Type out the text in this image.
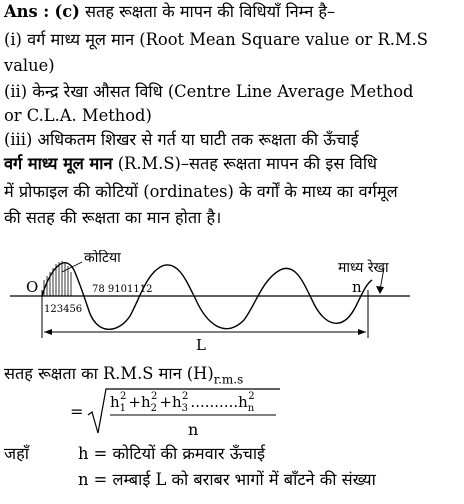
Ans : (c) सतह रूक्षता के मापन की विधियाँ निम्न है–
(i) वर्ग माध्य मूल मान (Root Mean Square value or R.M.S
value)
(ii) केन्द्र रेखा औसत विधि (Centre Line Average Method
or C.L.A. Method)
(iii) अधिकतम शिखर से गर्त या घाटी तक रूक्षता की ऊँचाई
वर्ग माध्य मूल मान (R.M.S)–सतह रूक्षता मापन की इस विधि
में प्रोफाइल की कोटियों (ordinates) के वर्गों के माध्य का वर्गमूल
की सतह की रूक्षता का मान होता है।
कोटिया
माध्य रेखा
O	n
123456
78 9101112
L
सतह रूक्षता का R.M.S मान $(H)_{r.m.s}$
= $h_12 +h_22 +h_32$ $..........h_n2$
n
जहाँ	h = कोटियों की क्रमवार ऊँचाई
n = लम्बाई L को बराबर भागों में बाँटने की संख्या
